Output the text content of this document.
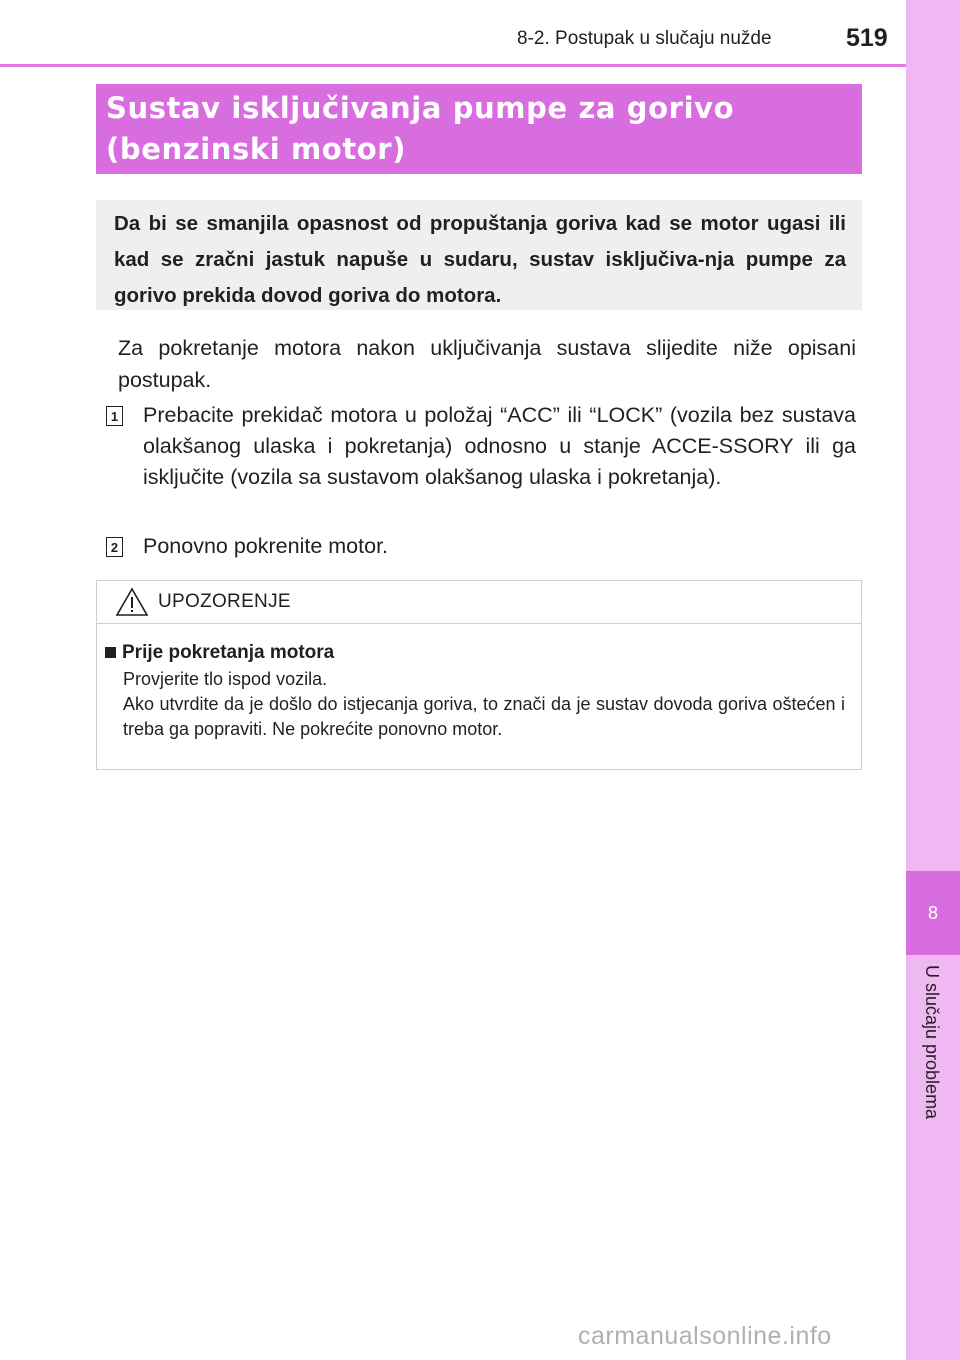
8-2. Postupak u slučaju nužde	519
8
U slučaju problema
Sustav isključivanja pumpe za gorivo
(benzinski motor)
Da bi se smanjila opasnost od propuštanja goriva kad se motor ugasi ili kad se zračni jastuk napuše u sudaru, sustav isključiva-nja pumpe za gorivo prekida dovod goriva do motora.
Za pokretanje motora nakon uključivanja sustava slijedite niže opisani postupak.
1 Prebacite prekidač motora u položaj “ACC” ili “LOCK” (vozila bez sustava olakšanog ulaska i pokretanja) odnosno u stanje ACCE-SSORY ili ga isključite (vozila sa sustavom olakšanog ulaska i pokretanja).
2 Ponovno pokrenite motor.
UPOZORENJE
Prije pokretanja motora
Provjerite tlo ispod vozila.
Ako utvrdite da je došlo do istjecanja goriva, to znači da je sustav dovoda goriva oštećen i treba ga popraviti. Ne pokrećite ponovno motor.
carmanualsonline.info
